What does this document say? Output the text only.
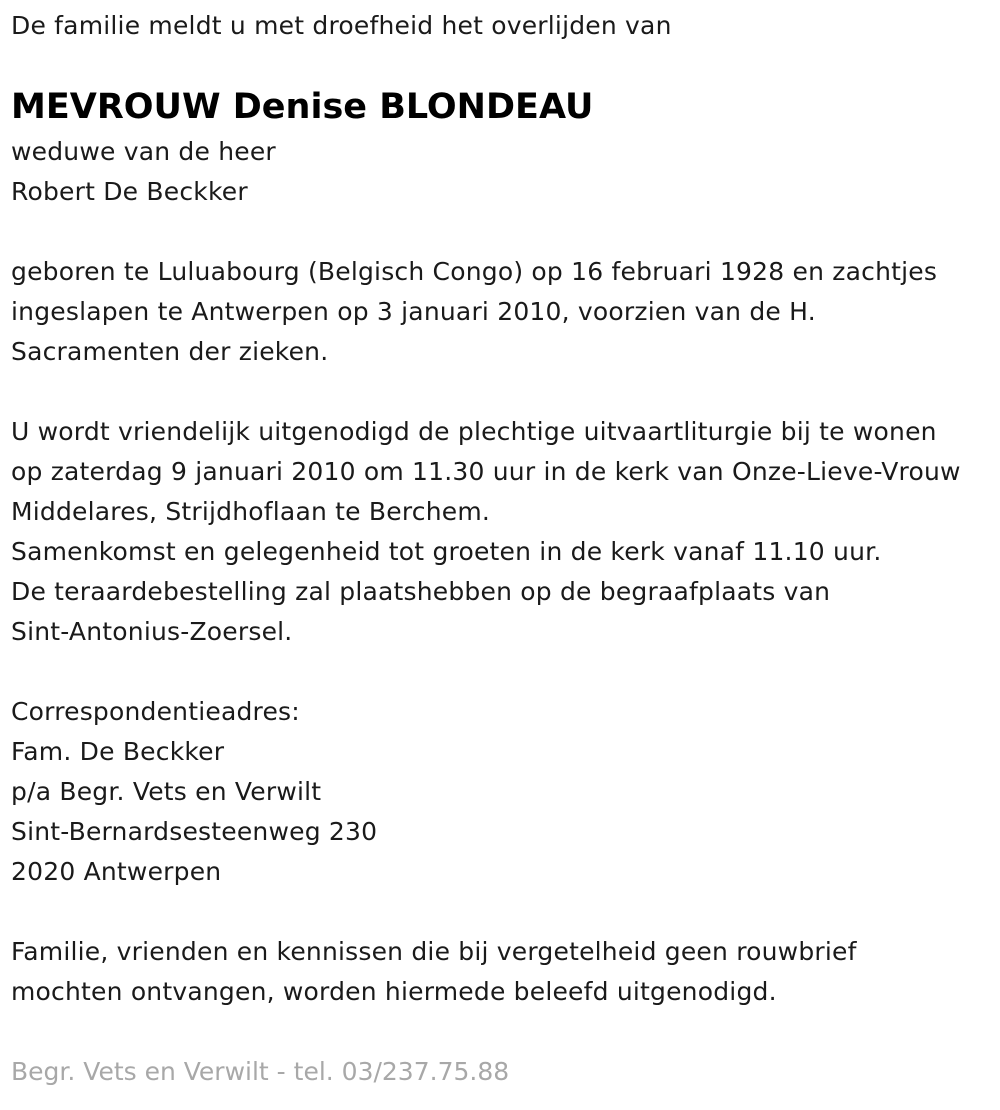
De familie meldt u met droefheid het overlijden van
MEVROUW Denise BLONDEAU
weduwe van de heer
Robert De Beckker
geboren te Luluabourg (Belgisch Congo) op 16 februari 1928 en zachtjes
ingeslapen te Antwerpen op 3 januari 2010, voorzien van de H.
Sacramenten der zieken.
U wordt vriendelijk uitgenodigd de plechtige uitvaartliturgie bij te wonen
op zaterdag 9 januari 2010 om 11.30 uur in de kerk van Onze-Lieve-Vrouw
Middelares, Strijdhoflaan te Berchem.
Samenkomst en gelegenheid tot groeten in de kerk vanaf 11.10 uur.
De teraardebestelling zal plaatshebben op de begraafplaats van
Sint-Antonius-Zoersel.
Correspondentieadres:
Fam. De Beckker
p/a Begr. Vets en Verwilt
Sint-Bernardsesteenweg 230
2020 Antwerpen
Familie, vrienden en kennissen die bij vergetelheid geen rouwbrief
mochten ontvangen, worden hiermede beleefd uitgenodigd.
Begr. Vets en Verwilt - tel. 03/237.75.88
